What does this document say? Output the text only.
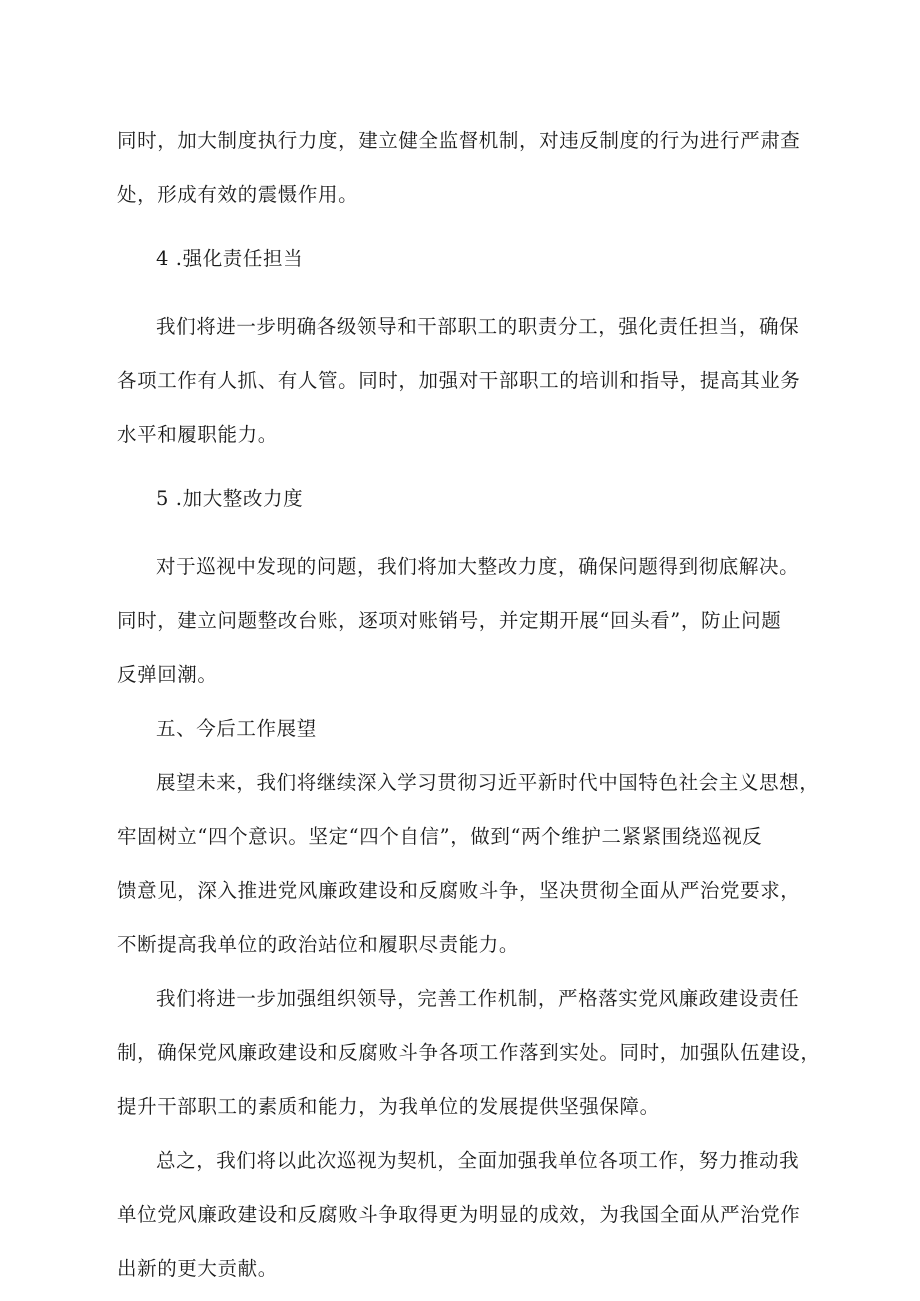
同时，加大制度执行力度，建立健全监督机制，对违反制度的行为进行严肃查
处，形成有效的震慑作用。

4 .强化责任担当

我们将进一步明确各级领导和干部职工的职责分工，强化责任担当，确保
各项工作有人抓、有人管。同时，加强对干部职工的培训和指导，提高其业务
水平和履职能力。

5 .加大整改力度

对于巡视中发现的问题，我们将加大整改力度，确保问题得到彻底解决。
同时，建立问题整改台账，逐项对账销号，并定期开展“回头看”，防止问题
反弹回潮。

五、今后工作展望

展望未来，我们将继续深入学习贯彻习近平新时代中国特色社会主义思想，
牢固树立“四个意识。坚定“四个自信”，做到“两个维护二紧紧围绕巡视反
馈意见，深入推进党风廉政建设和反腐败斗争，坚决贯彻全面从严治党要求，
不断提高我单位的政治站位和履职尽责能力。

我们将进一步加强组织领导，完善工作机制，严格落实党风廉政建设责任
制，确保党风廉政建设和反腐败斗争各项工作落到实处。同时，加强队伍建设，
提升干部职工的素质和能力，为我单位的发展提供坚强保障。

总之，我们将以此次巡视为契机，全面加强我单位各项工作，努力推动我
单位党风廉政建设和反腐败斗争取得更为明显的成效，为我国全面从严治党作
出新的更大贡献。
